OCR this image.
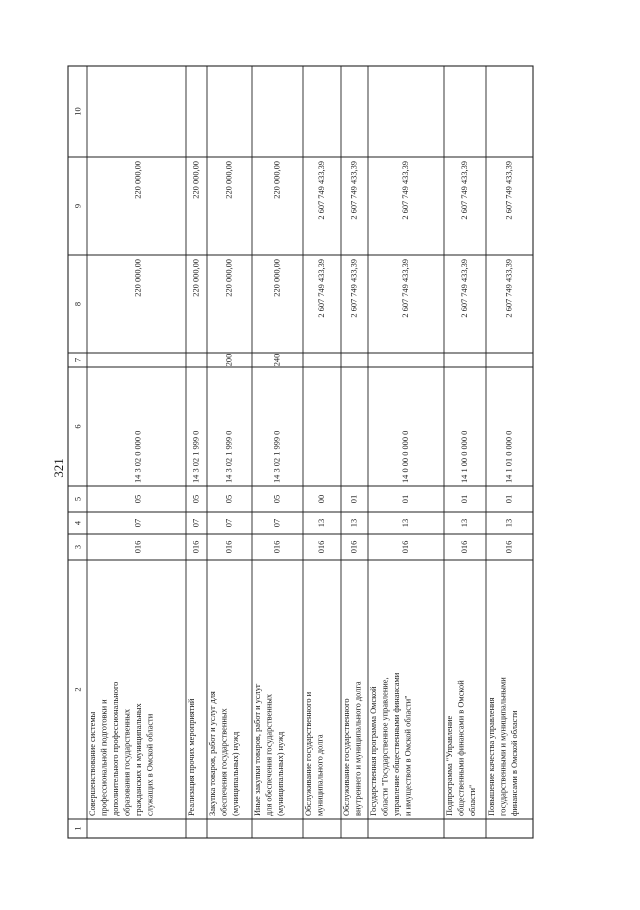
321
1
2
3
4
5
6
7
8
9
10
Совершенствование системы профессиональной подготовки и дополнительного профессионального образования государственных гражданских и муниципальных служащих в Омской области
016
07
05
14 3 02 0 000 0
220 000,00
220 000,00
Реализация прочих мероприятий
016
07
05
14 3 02 1 999 0
220 000,00
220 000,00
Закупка товаров, работ и услуг для обеспечения государственных (муниципальных) нужд
016
07
05
14 3 02 1 999 0
200
220 000,00
220 000,00
Иные закупки товаров, работ и услуг для обеспечения государственных (муниципальных) нужд
016
07
05
14 3 02 1 999 0
240
220 000,00
220 000,00
Обслуживание государственного и муниципального долга
016
13
00
2 607 749 433,39
2 607 749 433,39
Обслуживание государственного внутреннего и муниципального долга
016
13
01
2 607 749 433,39
2 607 749 433,39
Государственная программа Омской области "Государственное управление, управление общественными финансами и имуществом в Омской области"
016
13
01
14 0 00 0 000 0
2 607 749 433,39
2 607 749 433,39
Подпрограмма "Управление общественными финансами в Омской области"
016
13
01
14 1 00 0 000 0
2 607 749 433,39
2 607 749 433,39
Повышение качества управления государственными и муниципальными финансами в Омской области
016
13
01
14 1 01 0 000 0
2 607 749 433,39
2 607 749 433,39
